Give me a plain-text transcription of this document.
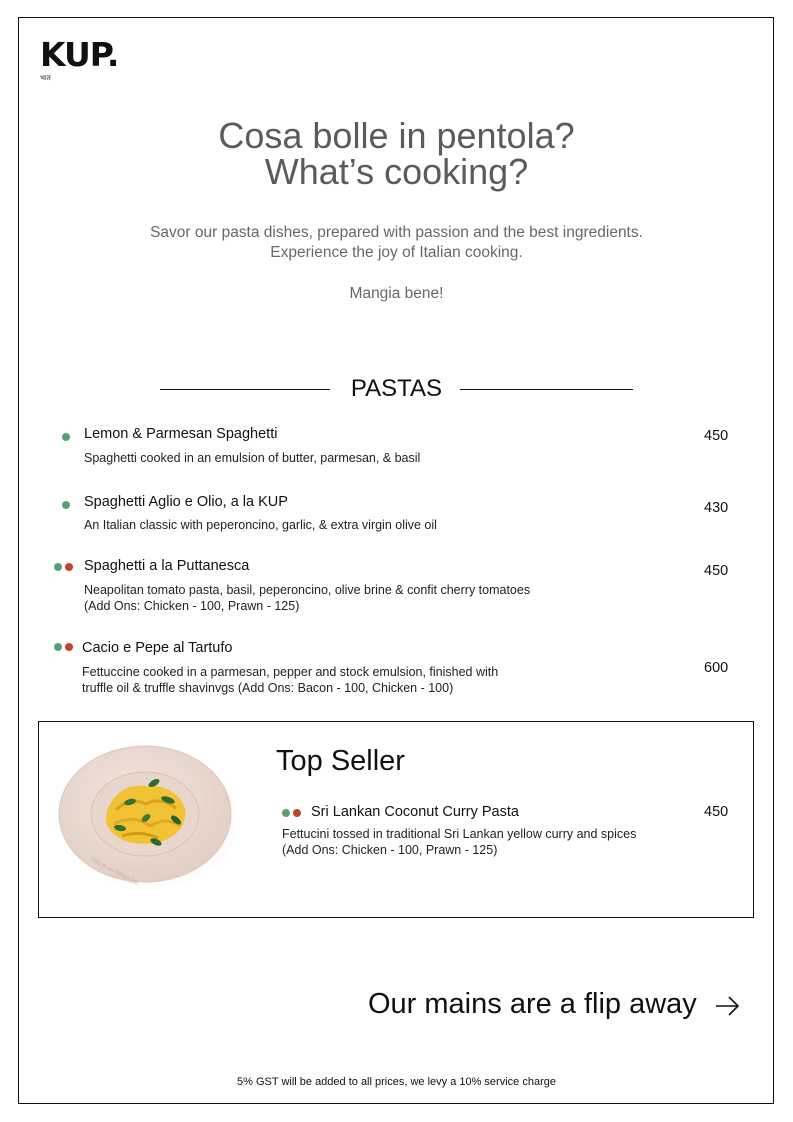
KUP.
भात
Cosa bolle in pentola?
What’s cooking?
Savor our pasta dishes, prepared with passion and the best ingredients.
Experience the joy of Italian cooking.
Mangia bene!
PASTAS
Lemon & Parmesan Spaghetti
Spaghetti cooked in an emulsion of butter, parmesan, & basil
450
Spaghetti Aglio e Olio, a la KUP
An Italian classic with peperoncino, garlic, & extra virgin olive oil
430
Spaghetti a la Puttanesca
Neapolitan tomato pasta, basil, peperoncino, olive brine & confit cherry tomatoes
(Add Ons: Chicken - 100, Prawn - 125)
450
Cacio e Pepe al Tartufo
Fettuccine cooked in a parmesan, pepper and stock emulsion, finished with
truffle oil & truffle shavinvgs (Add Ons: Bacon - 100, Chicken - 100)
600
This is an Italian job
Top Seller
Sri Lankan Coconut Curry Pasta
Fettucini tossed in traditional Sri Lankan yellow curry and spices
(Add Ons: Chicken - 100, Prawn - 125)
450
Our mains are a flip away
5% GST will be added to all prices, we levy a 10% service charge
